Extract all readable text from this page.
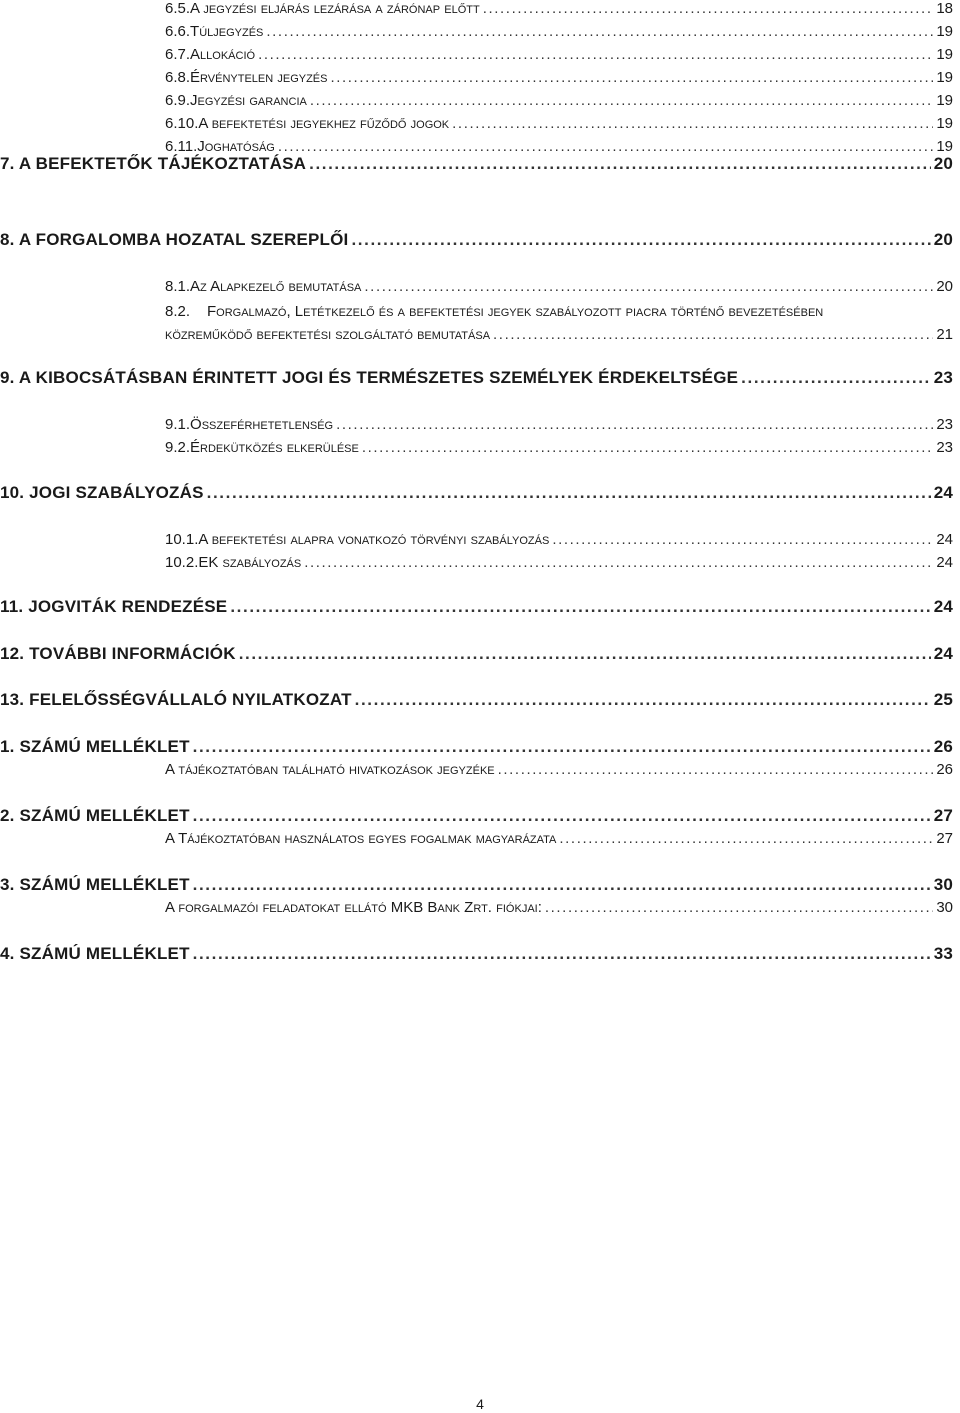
6.5. A jegyzési eljárás lezárása a zárónap előtt .....	18
6.6. Túljegyzés .....	19
6.7. Allokáció .....	19
6.8. Érvénytelen jegyzés .....	19
6.9. Jegyzési garancia .....	19
6.10. A befektetési jegyekhez fűződő jogok .....	19
6.11. Joghatóság .....	19
7. A BEFEKTETŐK TÁJÉKOZTATÁSA .....	20
8. A FORGALOMBA HOZATAL SZEREPLŐI .....	20
8.1. Az Alapkezelő bemutatása .....	20
8.2. Forgalmazó, Letétkezelő és a befektetési jegyek szabályozott piacra történő bevezetésében
közreműködő befektetési szolgáltató bemutatása .....	21
9. A KIBOCSÁTÁSBAN ÉRINTETT JOGI ÉS TERMÉSZETES SZEMÉLYEK ÉRDEKELTSÉGE .....	23
9.1. Összeférhetetlenség .....	23
9.2. Érdekütközés elkerülése .....	23
10. JOGI SZABÁLYOZÁS .....	24
10.1. A befektetési alapra vonatkozó törvényi szabályozás .....	24
10.2. EK szabályozás .....	24
11. JOGVITÁK RENDEZÉSE .....	24
12. TOVÁBBI INFORMÁCIÓK .....	24
13. FELELŐSSÉGVÁLLALÓ NYILATKOZAT .....	25
1. SZÁMÚ MELLÉKLET .....	26
A tájékoztatóban található hivatkozások jegyzéke .....	26
2. SZÁMÚ MELLÉKLET .....	27
A Tájékoztatóban használatos egyes fogalmak magyarázata .....	27
3. SZÁMÚ MELLÉKLET .....	30
A forgalmazói feladatokat ellátó MKB Bank Zrt. fiókjai: .....	30
4. SZÁMÚ MELLÉKLET .....	33
4
